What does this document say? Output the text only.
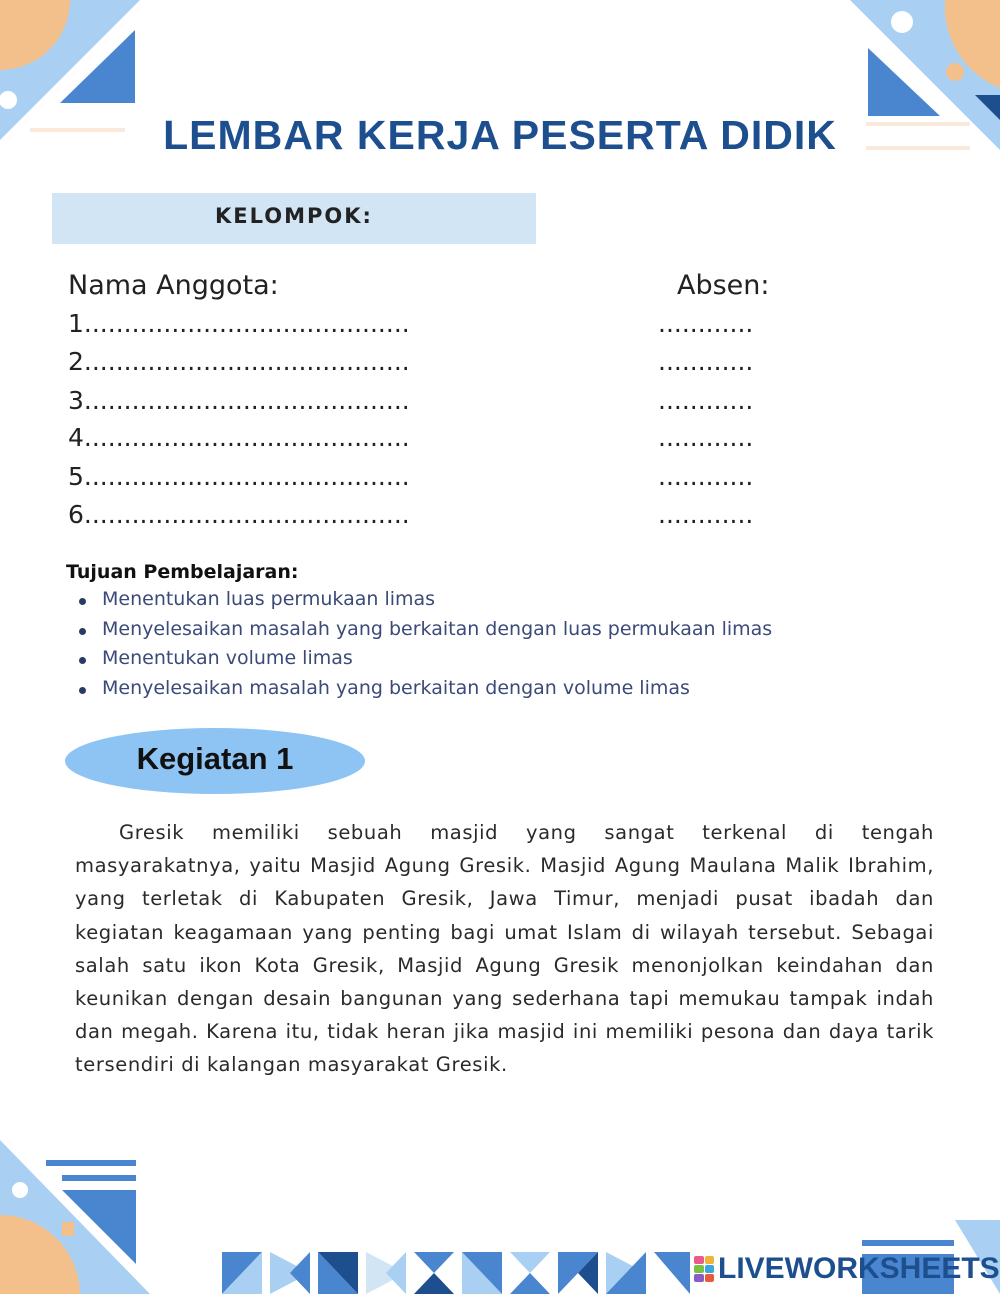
LEMBAR KERJA PESERTA DIDIK
KELOMPOK:
Nama Anggota:	Absen:
1.........................................	............
2.........................................	............
3.........................................	............
4.........................................	............
5.........................................	............
6.........................................	............
Tujuan Pembelajaran:
Menentukan luas permukaan limas
Menyelesaikan masalah yang berkaitan dengan luas permukaan limas
Menentukan volume limas
Menyelesaikan masalah yang berkaitan dengan volume limas
Kegiatan 1

Gresik memiliki sebuah masjid yang sangat terkenal di tengah masyarakatnya, yaitu Masjid Agung Gresik. Masjid Agung Maulana Malik Ibrahim, yang terletak di Kabupaten Gresik, Jawa Timur, menjadi pusat ibadah dan kegiatan keagamaan yang penting bagi umat Islam di wilayah tersebut. Sebagai salah satu ikon Kota Gresik, Masjid Agung Gresik menonjolkan keindahan dan keunikan dengan desain bangunan yang sederhana tapi memukau tampak indah dan megah. Karena itu, tidak heran jika masjid ini memiliki pesona dan daya tarik tersendiri di kalangan masyarakat Gresik.

LIVEWORKSHEETS
